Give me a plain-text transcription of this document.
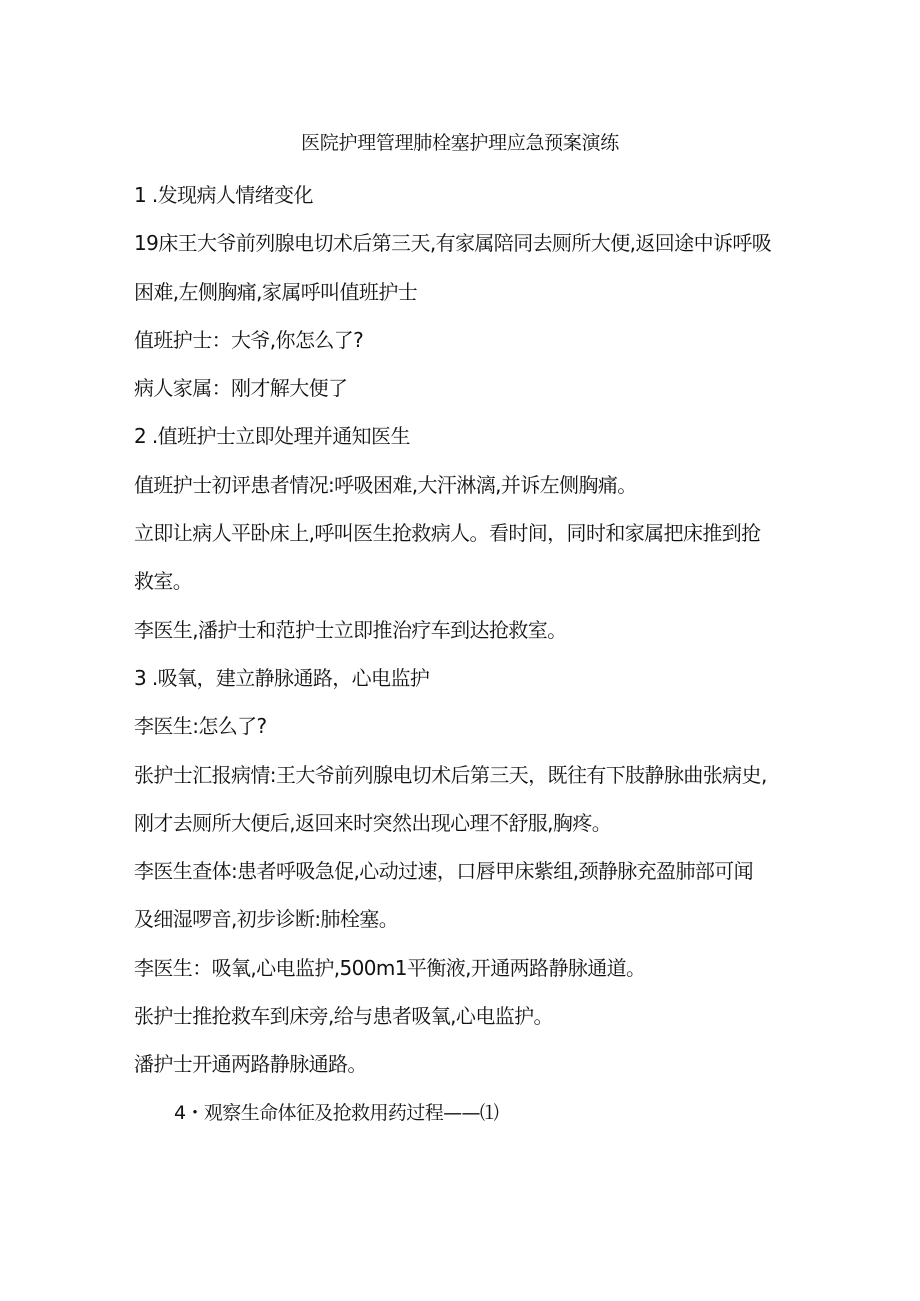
医院护理管理肺栓塞护理应急预案演练
1 .发现病人情绪变化
19床王大爷前列腺电切术后第三天,有家属陪同去厕所大便,返回途中诉呼吸
困难,左侧胸痛,家属呼叫值班护士
值班护士：大爷,你怎么了?
病人家属：刚才解大便了
2 .值班护士立即处理并通知医生
值班护士初评患者情况:呼吸困难,大汗淋漓,并诉左侧胸痛。
立即让病人平卧床上,呼叫医生抢救病人。看时间，同时和家属把床推到抢
救室。
李医生,潘护士和范护士立即推治疗车到达抢救室。
3 .吸氧，建立静脉通路，心电监护
李医生:怎么了?
张护士汇报病情:王大爷前列腺电切术后第三天，既往有下肢静脉曲张病史,
刚才去厕所大便后,返回来时突然出现心理不舒服,胸疼。
李医生查体:患者呼吸急促,心动过速，口唇甲床紫组,颈静脉充盈肺部可闻
及细湿啰音,初步诊断:肺栓塞。
李医生：吸氧,心电监护,500m1平衡液,开通两路静脉通道。
张护士推抢救车到床旁,给与患者吸氧,心电监护。
潘护士开通两路静脉通路。
4・观察生命体征及抢救用药过程——⑴
